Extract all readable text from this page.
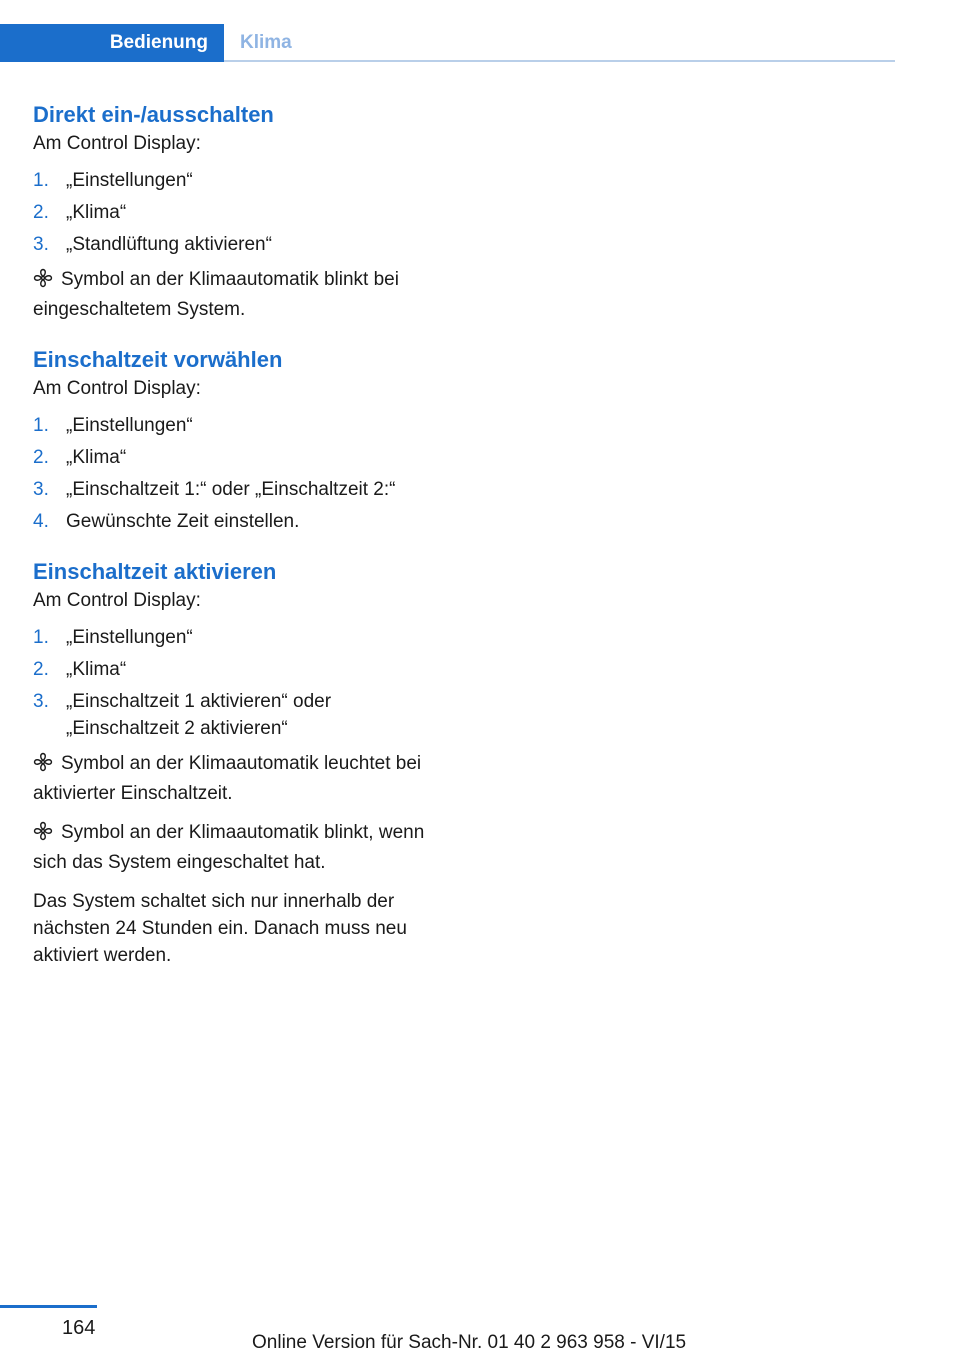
Bedienung	Klima
Direkt ein-/ausschalten

Am Control Display:

1. „Einstellungen“
2. „Klima“
3. „Standlüftung aktivieren“

Symbol an der Klimaautomatik blinkt bei eingeschaltetem System.

Einschaltzeit vorwählen

Am Control Display:

1. „Einstellungen“
2. „Klima“
3. „Einschaltzeit 1:“ oder „Einschaltzeit 2:“
4. Gewünschte Zeit einstellen.
Einschaltzeit aktivieren

Am Control Display:

1. „Einstellungen“
2. „Klima“
3. „Einschaltzeit 1 aktivieren“ oder „Einschaltzeit 2 aktivieren“

Symbol an der Klimaautomatik leuchtet bei aktivierter Einschaltzeit.

Symbol an der Klimaautomatik blinkt, wenn sich das System eingeschaltet hat.

Das System schaltet sich nur innerhalb der nächsten 24 Stunden ein. Danach muss neu aktiviert werden.

164
Online Version für Sach-Nr. 01 40 2 963 958 - VI/15
